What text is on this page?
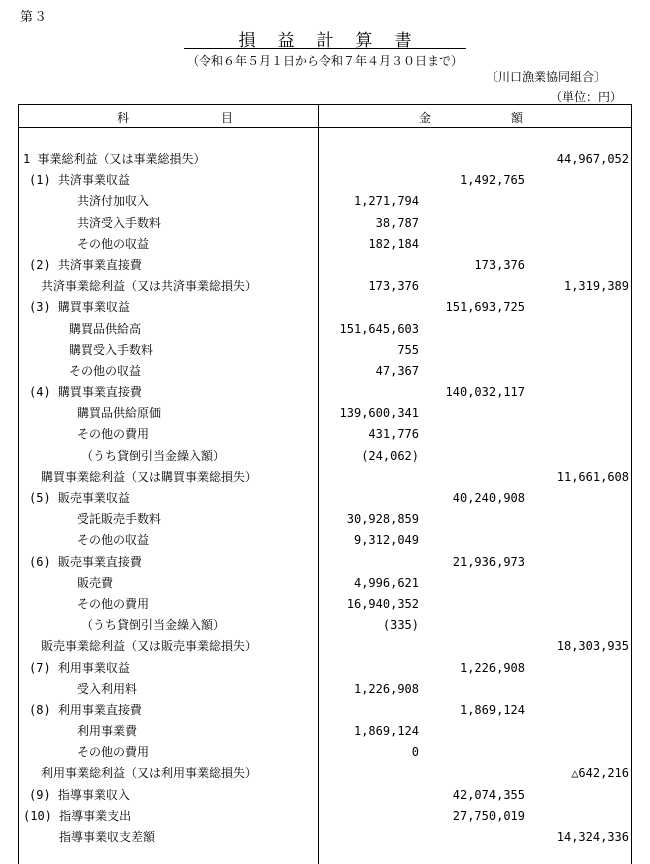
第３
損益計算書
（令和６年５月１日から令和７年４月３０日まで）
〔川口漁業協同組合〕
（単位：円）
科目	金額
1 事業総利益（又は事業総損失）	44,967,052
(1) 共済事業収益	1,492,765
共済付加収入	1,271,794
共済受入手数料	38,787
その他の収益	182,184
(2) 共済事業直接費	173,376
共済事業総利益（又は共済事業総損失）	173,376	1,319,389
(3) 購買事業収益	151,693,725
購買品供給高	151,645,603
購買受入手数料	755
その他の収益	47,367
(4) 購買事業直接費	140,032,117
購買品供給原価	139,600,341
その他の費用	431,776
（うち貸倒引当金繰入額）	(24,062)
購買事業総利益（又は購買事業総損失）	11,661,608
(5) 販売事業収益	40,240,908
受託販売手数料	30,928,859
その他の収益	9,312,049
(6) 販売事業直接費	21,936,973
販売費	4,996,621
その他の費用	16,940,352
（うち貸倒引当金繰入額）	(335)
販売事業総利益（又は販売事業総損失）	18,303,935
(7) 利用事業収益	1,226,908
受入利用料	1,226,908
(8) 利用事業直接費	1,869,124
利用事業費	1,869,124
その他の費用	0
利用事業総利益（又は利用事業総損失）	△642,216
(9) 指導事業収入	42,074,355
(10) 指導事業支出	27,750,019
指導事業収支差額	14,324,336
